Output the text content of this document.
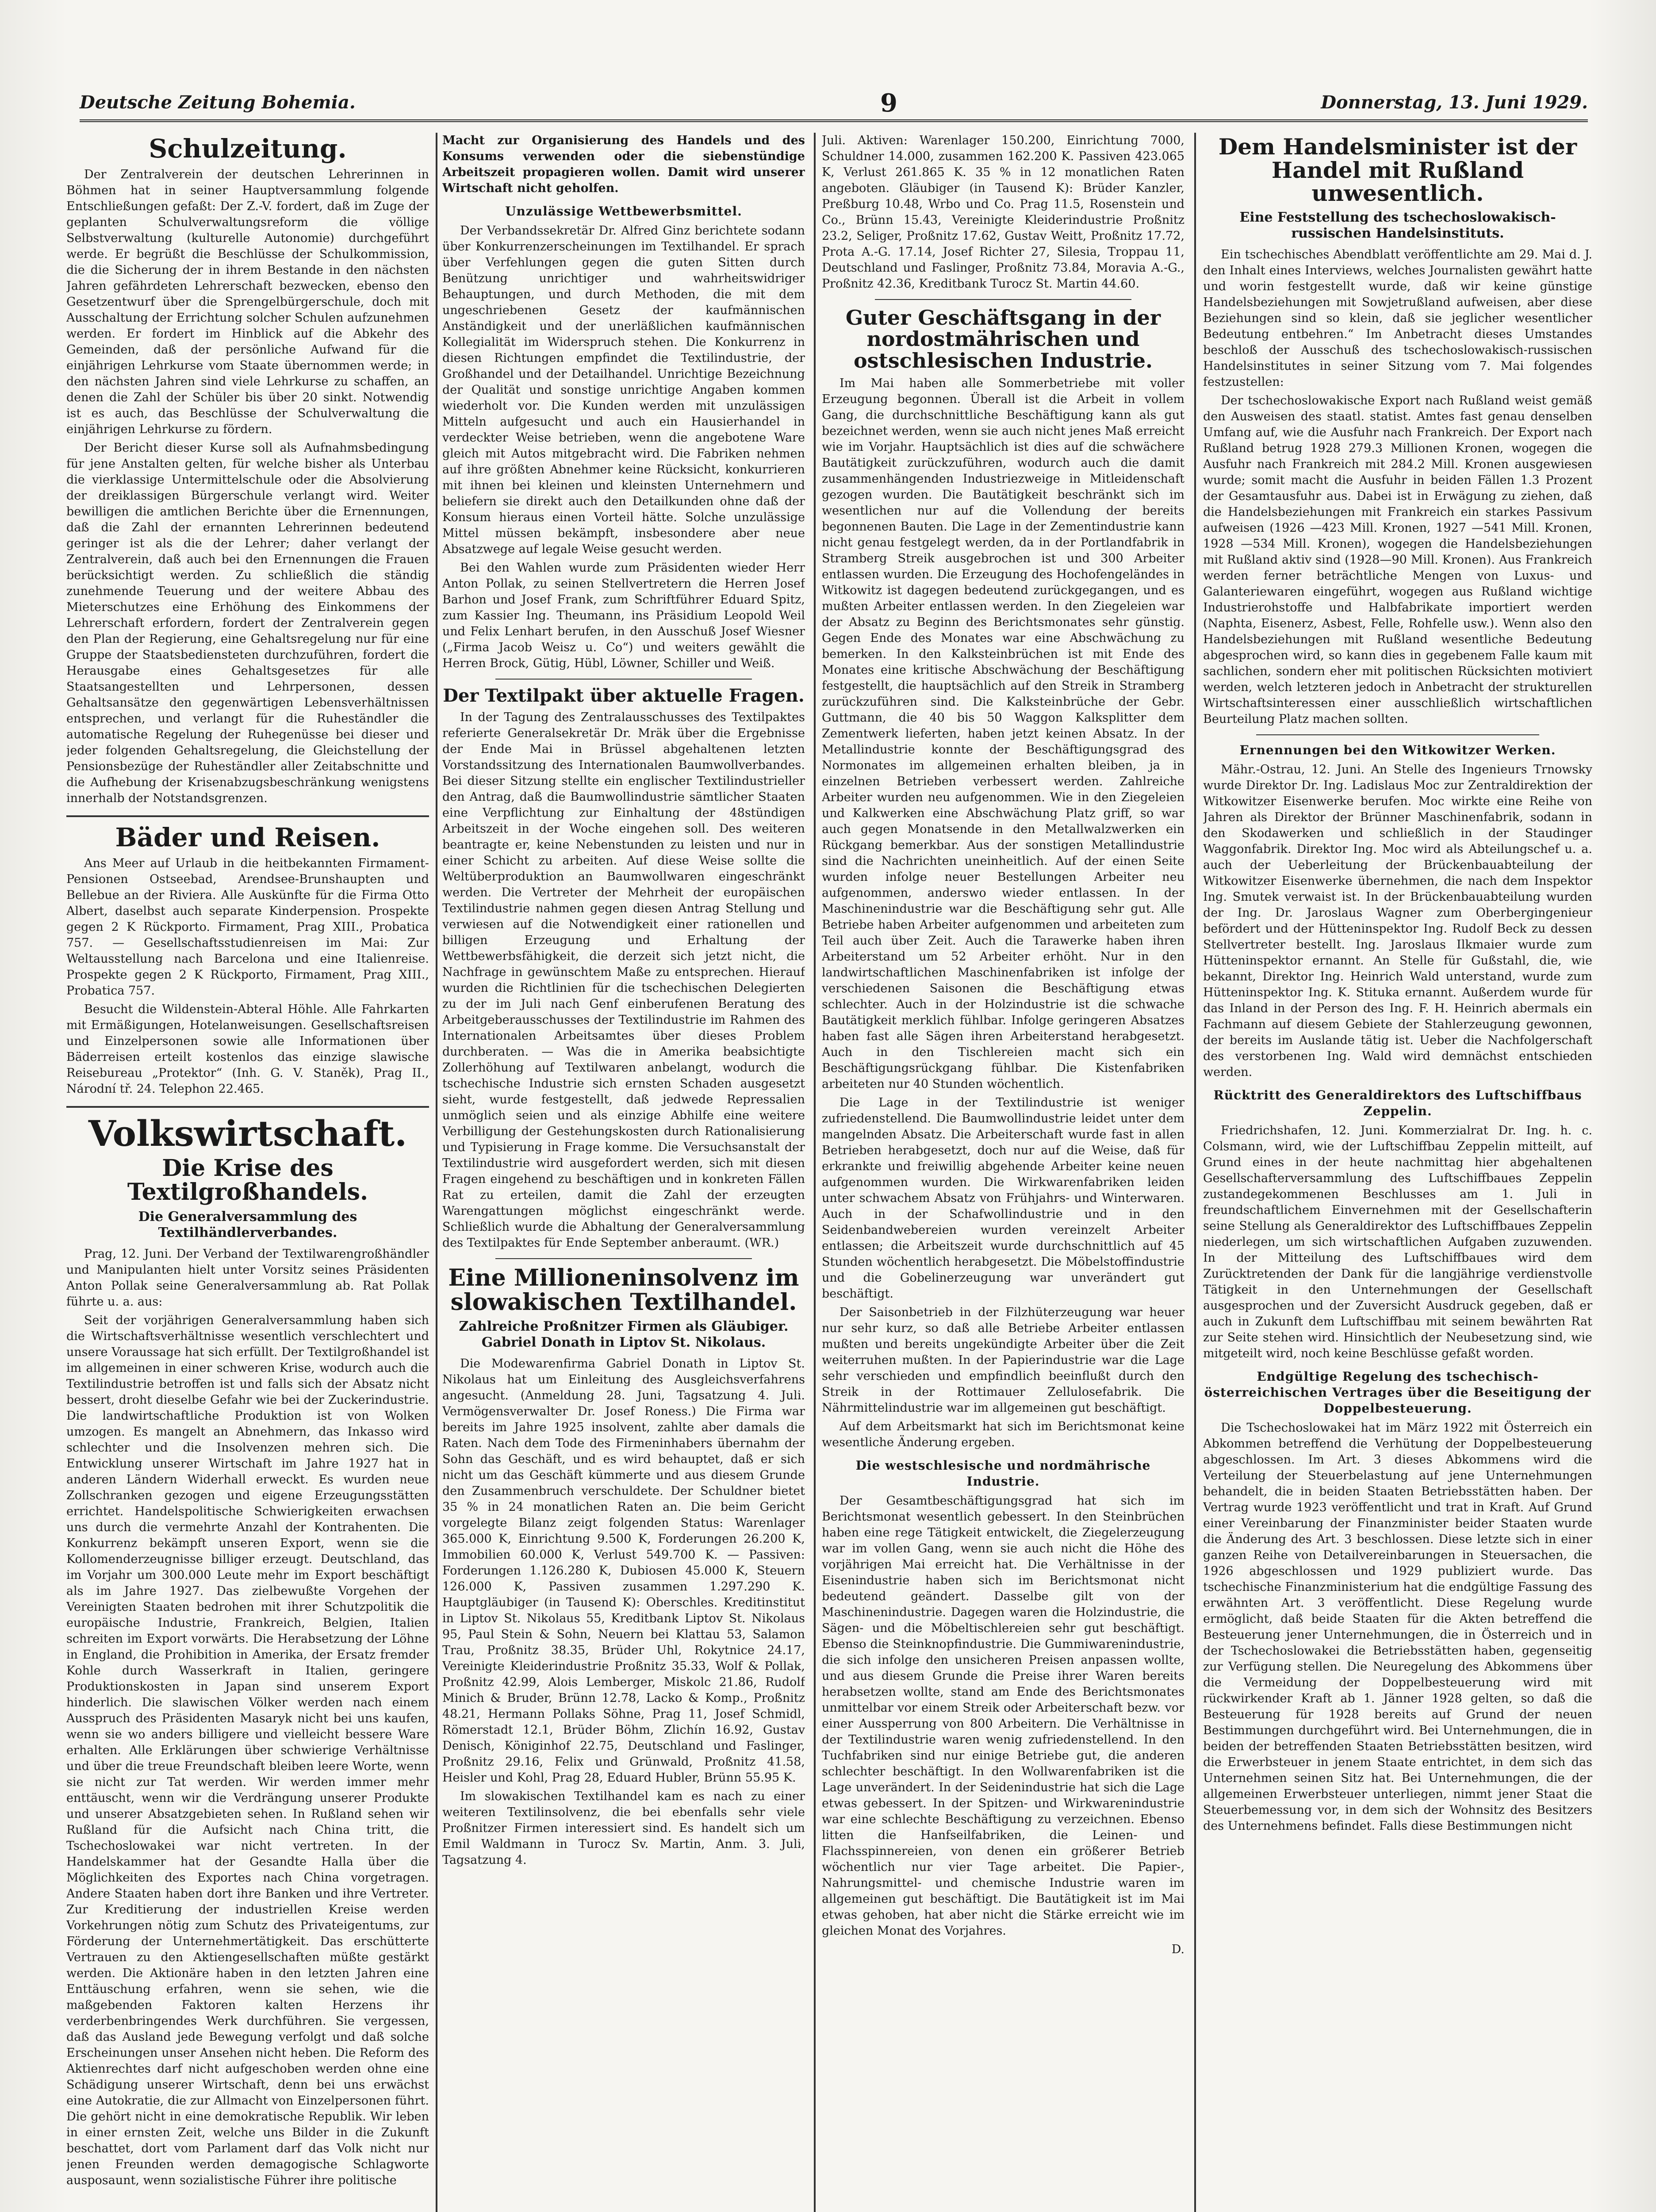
Deutsche Zeitung Bohemia.	9	Donnerstag, 13. Juni 1929.
Schulzeitung.

Der Zentralverein der deutschen Lehrerinnen in Böhmen hat in seiner Hauptversammlung folgende Entschließungen gefaßt: Der Z.-V. fordert, daß im Zuge der geplanten Schulverwaltungsreform die völlige Selbstverwaltung (kulturelle Autonomie) durchgeführt werde. Er begrüßt die Beschlüsse der Schulkommission, die die Sicherung der in ihrem Bestande in den nächsten Jahren gefährdeten Lehrerschaft bezwecken, ebenso den Gesetzentwurf über die Sprengelbürgerschule, doch mit Ausschaltung der Errichtung solcher Schulen aufzunehmen werden. Er fordert im Hinblick auf die Abkehr des Gemeinden, daß der persönliche Aufwand für die einjährigen Lehrkurse vom Staate übernommen werde; in den nächsten Jahren sind viele Lehrkurse zu schaffen, an denen die Zahl der Schüler bis über 20 sinkt. Notwendig ist es auch, das Beschlüsse der Schulverwaltung die einjährigen Lehrkurse zu fördern.

Der Bericht dieser Kurse soll als Aufnahmsbedingung für jene Anstalten gelten, für welche bisher als Unterbau die vierklassige Untermittelschule oder die Absolvierung der dreiklassigen Bürgerschule verlangt wird. Weiter bewilligen die amtlichen Berichte über die Ernennungen, daß die Zahl der ernannten Lehrerinnen bedeutend geringer ist als die der Lehrer; daher verlangt der Zentralverein, daß auch bei den Ernennungen die Frauen berücksichtigt werden. Zu schließlich die ständig zunehmende Teuerung und der weitere Abbau des Mieterschutzes eine Erhöhung des Einkommens der Lehrerschaft erfordern, fordert der Zentralverein gegen den Plan der Regierung, eine Gehaltsregelung nur für eine Gruppe der Staatsbediensteten durchzuführen, fordert die Herausgabe eines Gehaltsgesetzes für alle Staatsangestellten und Lehrpersonen, dessen Gehaltsansätze den gegenwärtigen Lebensverhältnissen entsprechen, und verlangt für die Ruheständler die automatische Regelung der Ruhegenüsse bei dieser und jeder folgenden Gehaltsregelung, die Gleichstellung der Pensionsbezüge der Ruheständler aller Zeitabschnitte und die Aufhebung der Krisenabzugsbeschränkung wenigstens innerhalb der Notstandsgrenzen.

Bäder und Reisen.

Ans Meer auf Urlaub in die heitbekannten Firmament-Pensionen Ostseebad, Arendsee-Brunshaupten und Bellebue an der Riviera. Alle Auskünfte für die Firma Otto Albert, daselbst auch separate Kinderpension. Prospekte gegen 2 K Rückporto. Firmament, Prag XIII., Probatica 757. — Gesellschaftsstudienreisen im Mai: Zur Weltausstellung nach Barcelona und eine Italienreise. Prospekte gegen 2 K Rückporto, Firmament, Prag XIII., Probatica 757.

Besucht die Wildenstein-Abteral Höhle. Alle Fahrkarten mit Ermäßigungen, Hotelanweisungen. Gesellschaftsreisen und Einzelpersonen sowie alle Informationen über Bäderreisen erteilt kostenlos das einzige slawische Reisebureau „Protektor“ (Inh. G. V. Staněk), Prag II., Národní tř. 24. Telephon 22.465.

Volkswirtschaft.
Die Krise des Textilgroßhandels.
Die Generalversammlung des Textilhändlerverbandes.

Prag, 12. Juni. Der Verband der Textilwarengroßhändler und Manipulanten hielt unter Vorsitz seines Präsidenten Anton Pollak seine Generalversammlung ab. Rat Pollak führte u. a. aus:

Seit der vorjährigen Generalversammlung haben sich die Wirtschaftsverhältnisse wesentlich verschlechtert und unsere Voraussage hat sich erfüllt. Der Textilgroßhandel ist im allgemeinen in einer schweren Krise, wodurch auch die Textilindustrie betroffen ist und falls sich der Absatz nicht bessert, droht dieselbe Gefahr wie bei der Zuckerindustrie. Die landwirtschaftliche Produktion ist von Wolken umzogen. Es mangelt an Abnehmern, das Inkasso wird schlechter und die Insolvenzen mehren sich. Die Entwicklung unserer Wirtschaft im Jahre 1927 hat in anderen Ländern Widerhall erweckt. Es wurden neue Zollschranken gezogen und eigene Erzeugungsstätten errichtet. Handelspolitische Schwierigkeiten erwachsen uns durch die vermehrte Anzahl der Kontrahenten. Die Konkurrenz bekämpft unseren Export, wenn sie die Kollomenderzeugnisse billiger erzeugt. Deutschland, das im Vorjahr um 300.000 Leute mehr im Export beschäftigt als im Jahre 1927. Das zielbewußte Vorgehen der Vereinigten Staaten bedrohen mit ihrer Schutzpolitik die europäische Industrie, Frankreich, Belgien, Italien schreiten im Export vorwärts. Die Herabsetzung der Löhne in England, die Prohibition in Amerika, der Ersatz fremder Kohle durch Wasserkraft in Italien, geringere Produktionskosten in Japan sind unserem Export hinderlich. Die slawischen Völker werden nach einem Ausspruch des Präsidenten Masaryk nicht bei uns kaufen, wenn sie wo anders billigere und vielleicht bessere Ware erhalten. Alle Erklärungen über schwierige Verhältnisse und über die treue Freundschaft bleiben leere Worte, wenn sie nicht zur Tat werden. Wir werden immer mehr enttäuscht, wenn wir die Verdrängung unserer Produkte und unserer Absatzgebieten sehen. In Rußland sehen wir Rußland für die Aufsicht nach China tritt, die Tschechoslowakei war nicht vertreten. In der Handelskammer hat der Gesandte Halla über die Möglichkeiten des Exportes nach China vorgetragen. Andere Staaten haben dort ihre Banken und ihre Vertreter. Zur Kreditierung der industriellen Kreise werden Vorkehrungen nötig zum Schutz des Privateigentums, zur Förderung der Unternehmertätigkeit. Das erschütterte Vertrauen zu den Aktiengesellschaften müßte gestärkt werden. Die Aktionäre haben in den letzten Jahren eine Enttäuschung erfahren, wenn sie sehen, wie die maßgebenden Faktoren kalten Herzens ihr verderbenbringendes Werk durchführen. Sie vergessen, daß das Ausland jede Bewegung verfolgt und daß solche Erscheinungen unser Ansehen nicht heben. Die Reform des Aktienrechtes darf nicht aufgeschoben werden ohne eine Schädigung unserer Wirtschaft, denn bei uns erwächst eine Autokratie, die zur Allmacht von Einzelpersonen führt. Die gehört nicht in eine demokratische Republik. Wir leben in einer ernsten Zeit, welche uns Bilder in die Zukunft beschattet, dort vom Parlament darf das Volk nicht nur jenen Freunden werden demagogische Schlagworte ausposaunt, wenn sozialistische Führer ihre politische

Macht zur Organisierung des Handels und des Konsums verwenden oder die siebenstündige Arbeitszeit propagieren wollen. Damit wird unserer Wirtschaft nicht geholfen.

Unzulässige Wettbewerbsmittel.

Der Verbandssekretär Dr. Alfred Ginz berichtete sodann über Konkurrenzerscheinungen im Textilhandel. Er sprach über Verfehlungen gegen die guten Sitten durch Benützung unrichtiger und wahrheitswidriger Behauptungen, und durch Methoden, die mit dem ungeschriebenen Gesetz der kaufmännischen Anständigkeit und der unerläßlichen kaufmännischen Kollegialität im Widerspruch stehen. Die Konkurrenz in diesen Richtungen empfindet die Textilindustrie, der Großhandel und der Detailhandel. Unrichtige Bezeichnung der Qualität und sonstige unrichtige Angaben kommen wiederholt vor. Die Kunden werden mit unzulässigen Mitteln aufgesucht und auch ein Hausierhandel in verdeckter Weise betrieben, wenn die angebotene Ware gleich mit Autos mitgebracht wird. Die Fabriken nehmen auf ihre größten Abnehmer keine Rücksicht, konkurrieren mit ihnen bei kleinen und kleinsten Unternehmern und beliefern sie direkt auch den Detailkunden ohne daß der Konsum hieraus einen Vorteil hätte. Solche unzulässige Mittel müssen bekämpft, insbesondere aber neue Absatzwege auf legale Weise gesucht werden.

Bei den Wahlen wurde zum Präsidenten wieder Herr Anton Pollak, zu seinen Stellvertretern die Herren Josef Barhon und Josef Frank, zum Schriftführer Eduard Spitz, zum Kassier Ing. Theumann, ins Präsidium Leopold Weil und Felix Lenhart berufen, in den Ausschuß Josef Wiesner („Firma Jacob Weisz u. Co“) und weiters gewählt die Herren Brock, Gütig, Hübl, Löwner, Schiller und Weiß.

Der Textilpakt über aktuelle Fragen.

In der Tagung des Zentralausschusses des Textilpaktes referierte Generalsekretär Dr. Mräk über die Ergebnisse der Ende Mai in Brüssel abgehaltenen letzten Vorstandssitzung des Internationalen Baumwollverbandes. Bei dieser Sitzung stellte ein englischer Textilindustrieller den Antrag, daß die Baumwollindustrie sämtlicher Staaten eine Verpflichtung zur Einhaltung der 48stündigen Arbeitszeit in der Woche eingehen soll. Des weiteren beantragte er, keine Nebenstunden zu leisten und nur in einer Schicht zu arbeiten. Auf diese Weise sollte die Weltüberproduktion an Baumwollwaren eingeschränkt werden. Die Vertreter der Mehrheit der europäischen Textilindustrie nahmen gegen diesen Antrag Stellung und verwiesen auf die Notwendigkeit einer rationellen und billigen Erzeugung und Erhaltung der Wettbewerbsfähigkeit, die derzeit sich jetzt nicht, die Nachfrage in gewünschtem Maße zu entsprechen. Hierauf wurden die Richtlinien für die tschechischen Delegierten zu der im Juli nach Genf einberufenen Beratung des Arbeitgeberausschusses der Textilindustrie im Rahmen des Internationalen Arbeitsamtes über dieses Problem durchberaten. — Was die in Amerika beabsichtigte Zollerhöhung auf Textilwaren anbelangt, wodurch die tschechische Industrie sich ernsten Schaden ausgesetzt sieht, wurde festgestellt, daß jedwede Repressalien unmöglich seien und als einzige Abhilfe eine weitere Verbilligung der Gestehungskosten durch Rationalisierung und Typisierung in Frage komme. Die Versuchsanstalt der Textilindustrie wird ausgefordert werden, sich mit diesen Fragen eingehend zu beschäftigen und in konkreten Fällen Rat zu erteilen, damit die Zahl der erzeugten Warengattungen möglichst eingeschränkt werde. Schließlich wurde die Abhaltung der Generalversammlung des Textilpaktes für Ende September anberaumt. (WR.)

Eine Millioneninsolvenz im slowakischen Textilhandel.
Zahlreiche Proßnitzer Firmen als Gläubiger. Gabriel Donath in Liptov St. Nikolaus.

Die Modewarenfirma Gabriel Donath in Liptov St. Nikolaus hat um Einleitung des Ausgleichsverfahrens angesucht. (Anmeldung 28. Juni, Tagsatzung 4. Juli. Vermögensverwalter Dr. Josef Roness.) Die Firma war bereits im Jahre 1925 insolvent, zahlte aber damals die Raten. Nach dem Tode des Firmeninhabers übernahm der Sohn das Geschäft, und es wird behauptet, daß er sich nicht um das Geschäft kümmerte und aus diesem Grunde den Zusammenbruch verschuldete. Der Schuldner bietet 35 % in 24 monatlichen Raten an. Die beim Gericht vorgelegte Bilanz zeigt folgenden Status: Warenlager 365.000 K, Einrichtung 9.500 K, Forderungen 26.200 K, Immobilien 60.000 K, Verlust 549.700 K. — Passiven: Forderungen 1.126.280 K, Dubiosen 45.000 K, Steuern 126.000 K, Passiven zusammen 1.297.290 K. Hauptgläubiger (in Tausend K): Oberschles. Kreditinstitut in Liptov St. Nikolaus 55, Kreditbank Liptov St. Nikolaus 95, Paul Stein & Sohn, Neuern bei Klattau 53, Salamon Trau, Proßnitz 38.35, Brüder Uhl, Rokytnice 24.17, Vereinigte Kleiderindustrie Proßnitz 35.33, Wolf & Pollak, Proßnitz 42.99, Alois Lemberger, Miskolc 21.86, Rudolf Minich & Bruder, Brünn 12.78, Lacko & Komp., Proßnitz 48.21, Hermann Pollaks Söhne, Prag 11, Josef Schmidl, Römerstadt 12.1, Brüder Böhm, Zlichín 16.92, Gustav Denisch, Königinhof 22.75, Deutschland und Faslinger, Proßnitz 29.16, Felix und Grünwald, Proßnitz 41.58, Heisler und Kohl, Prag 28, Eduard Hubler, Brünn 55.95 K.

Im slowakischen Textilhandel kam es nach zu einer weiteren Textilinsolvenz, die bei ebenfalls sehr viele Proßnitzer Firmen interessiert sind. Es handelt sich um Emil Waldmann in Turocz Sv. Martin, Anm. 3. Juli, Tagsatzung 4.

Juli. Aktiven: Warenlager 150.200, Einrichtung 7000, Schuldner 14.000, zusammen 162.200 K. Passiven 423.065 K, Verlust 261.865 K. 35 % in 12 monatlichen Raten angeboten. Gläubiger (in Tausend K): Brüder Kanzler, Preßburg 10.48, Wrbo und Co. Prag 11.5, Rosenstein und Co., Brünn 15.43, Vereinigte Kleiderindustrie Proßnitz 23.2, Seliger, Proßnitz 17.62, Gustav Weitt, Proßnitz 17.72, Prota A.-G. 17.14, Josef Richter 27, Silesia, Troppau 11, Deutschland und Faslinger, Proßnitz 73.84, Moravia A.-G., Proßnitz 42.36, Kreditbank Turocz St. Martin 44.60.

Guter Geschäftsgang in der nordostmährischen und ostschlesischen Industrie.

Im Mai haben alle Sommerbetriebe mit voller Erzeugung begonnen. Überall ist die Arbeit in vollem Gang, die durchschnittliche Beschäftigung kann als gut bezeichnet werden, wenn sie auch nicht jenes Maß erreicht wie im Vorjahr. Hauptsächlich ist dies auf die schwächere Bautätigkeit zurückzuführen, wodurch auch die damit zusammenhängenden Industriezweige in Mitleidenschaft gezogen wurden. Die Bautätigkeit beschränkt sich im wesentlichen nur auf die Vollendung der bereits begonnenen Bauten. Die Lage in der Zementindustrie kann nicht genau festgelegt werden, da in der Portlandfabrik in Stramberg Streik ausgebrochen ist und 300 Arbeiter entlassen wurden. Die Erzeugung des Hochofengeländes in Witkowitz ist dagegen bedeutend zurückgegangen, und es mußten Arbeiter entlassen werden. In den Ziegeleien war der Absatz zu Beginn des Berichtsmonates sehr günstig. Gegen Ende des Monates war eine Abschwächung zu bemerken. In den Kalksteinbrüchen ist mit Ende des Monates eine kritische Abschwächung der Beschäftigung festgestellt, die hauptsächlich auf den Streik in Stramberg zurückzuführen sind. Die Kalksteinbrüche der Gebr. Guttmann, die 40 bis 50 Waggon Kalksplitter dem Zementwerk lieferten, haben jetzt keinen Absatz. In der Metallindustrie konnte der Beschäftigungsgrad des Normonates im allgemeinen erhalten bleiben, ja in einzelnen Betrieben verbessert werden. Zahlreiche Arbeiter wurden neu aufgenommen. Wie in den Ziegeleien und Kalkwerken eine Abschwächung Platz griff, so war auch gegen Monatsende in den Metallwalzwerken ein Rückgang bemerkbar. Aus der sonstigen Metallindustrie sind die Nachrichten uneinheitlich. Auf der einen Seite wurden infolge neuer Bestellungen Arbeiter neu aufgenommen, anderswo wieder entlassen. In der Maschinenindustrie war die Beschäftigung sehr gut. Alle Betriebe haben Arbeiter aufgenommen und arbeiteten zum Teil auch über Zeit. Auch die Tarawerke haben ihren Arbeiterstand um 52 Arbeiter erhöht. Nur in den landwirtschaftlichen Maschinenfabriken ist infolge der verschiedenen Saisonen die Beschäftigung etwas schlechter. Auch in der Holzindustrie ist die schwache Bautätigkeit merklich fühlbar. Infolge geringeren Absatzes haben fast alle Sägen ihren Arbeiterstand herabgesetzt. Auch in den Tischlereien macht sich ein Beschäftigungsrückgang fühlbar. Die Kistenfabriken arbeiteten nur 40 Stunden wöchentlich.

Die Lage in der Textilindustrie ist weniger zufriedenstellend. Die Baumwollindustrie leidet unter dem mangelnden Absatz. Die Arbeiterschaft wurde fast in allen Betrieben herabgesetzt, doch nur auf die Weise, daß für erkrankte und freiwillig abgehende Arbeiter keine neuen aufgenommen wurden. Die Wirkwarenfabriken leiden unter schwachem Absatz von Frühjahrs- und Winterwaren. Auch in der Schafwollindustrie und in den Seidenbandwebereien wurden vereinzelt Arbeiter entlassen; die Arbeitszeit wurde durchschnittlich auf 45 Stunden wöchentlich herabgesetzt. Die Möbelstoffindustrie und die Gobelinerzeugung war unverändert gut beschäftigt.

Der Saisonbetrieb in der Filzhüterzeugung war heuer nur sehr kurz, so daß alle Betriebe Arbeiter entlassen mußten und bereits ungekündigte Arbeiter über die Zeit weiterruhen mußten. In der Papierindustrie war die Lage sehr verschieden und empfindlich beeinflußt durch den Streik in der Rottimauer Zellulosefabrik. Die Nährmittelindustrie war im allgemeinen gut beschäftigt.

Auf dem Arbeitsmarkt hat sich im Berichtsmonat keine wesentliche Änderung ergeben.

Die westschlesische und nordmährische Industrie.

Der Gesamtbeschäftigungsgrad hat sich im Berichtsmonat wesentlich gebessert. In den Steinbrüchen haben eine rege Tätigkeit entwickelt, die Ziegelerzeugung war im vollen Gang, wenn sie auch nicht die Höhe des vorjährigen Mai erreicht hat. Die Verhältnisse in der Eisenindustrie haben sich im Berichtsmonat nicht bedeutend geändert. Dasselbe gilt von der Maschinenindustrie. Dagegen waren die Holzindustrie, die Sägen- und die Möbeltischlereien sehr gut beschäftigt. Ebenso die Steinknopfindustrie. Die Gummiwarenindustrie, die sich infolge den unsicheren Preisen anpassen wollte, und aus diesem Grunde die Preise ihrer Waren bereits herabsetzen wollte, stand am Ende des Berichtsmonates unmittelbar vor einem Streik oder Arbeiterschaft bezw. vor einer Aussperrung von 800 Arbeitern. Die Verhältnisse in der Textilindustrie waren wenig zufriedenstellend. In den Tuchfabriken sind nur einige Betriebe gut, die anderen schlechter beschäftigt. In den Wollwarenfabriken ist die Lage unverändert. In der Seidenindustrie hat sich die Lage etwas gebessert. In der Spitzen- und Wirkwarenindustrie war eine schlechte Beschäftigung zu verzeichnen. Ebenso litten die Hanfseilfabriken, die Leinen- und Flachsspinnereien, von denen ein größerer Betrieb wöchentlich nur vier Tage arbeitet. Die Papier-, Nahrungsmittel- und chemische Industrie waren im allgemeinen gut beschäftigt. Die Bautätigkeit ist im Mai etwas gehoben, hat aber nicht die Stärke erreicht wie im gleichen Monat des Vorjahres.

D.

Dem Handelsminister ist der Handel mit Rußland unwesentlich.
Eine Feststellung des tschechoslowakisch-russischen Handelsinstituts.

Ein tschechisches Abendblatt veröffentlichte am 29. Mai d. J. den Inhalt eines Interviews, welches Journalisten gewährt hatte und worin festgestellt wurde, daß wir keine günstige Handelsbeziehungen mit Sowjetrußland aufweisen, aber diese Beziehungen sind so klein, daß sie jeglicher wesentlicher Bedeutung entbehren.“ Im Anbetracht dieses Umstandes beschloß der Ausschuß des tschechoslowakisch-russischen Handelsinstitutes in seiner Sitzung vom 7. Mai folgendes festzustellen:

Der tschechoslowakische Export nach Rußland weist gemäß den Ausweisen des staatl. statist. Amtes fast genau denselben Umfang auf, wie die Ausfuhr nach Frankreich. Der Export nach Rußland betrug 1928 279.3 Millionen Kronen, wogegen die Ausfuhr nach Frankreich mit 284.2 Mill. Kronen ausgewiesen wurde; somit macht die Ausfuhr in beiden Fällen 1.3 Prozent der Gesamtausfuhr aus. Dabei ist in Erwägung zu ziehen, daß die Handelsbeziehungen mit Frankreich ein starkes Passivum aufweisen (1926 —423 Mill. Kronen, 1927 —541 Mill. Kronen, 1928 —534 Mill. Kronen), wogegen die Handelsbeziehungen mit Rußland aktiv sind (1928—90 Mill. Kronen). Aus Frankreich werden ferner beträchtliche Mengen von Luxus- und Galanteriewaren eingeführt, wogegen aus Rußland wichtige Industrierohstoffe und Halbfabrikate importiert werden (Naphta, Eisenerz, Asbest, Felle, Rohfelle usw.). Wenn also den Handelsbeziehungen mit Rußland wesentliche Bedeutung abgesprochen wird, so kann dies in gegebenem Falle kaum mit sachlichen, sondern eher mit politischen Rücksichten motiviert werden, welch letzteren jedoch in Anbetracht der strukturellen Wirtschaftsinteressen einer ausschließlich wirtschaftlichen Beurteilung Platz machen sollten.

Ernennungen bei den Witkowitzer Werken.

Mähr.-Ostrau, 12. Juni. An Stelle des Ingenieurs Trnowsky wurde Direktor Dr. Ing. Ladislaus Moc zur Zentraldirektion der Witkowitzer Eisenwerke berufen. Moc wirkte eine Reihe von Jahren als Direktor der Brünner Maschinenfabrik, sodann in den Skodawerken und schließlich in der Staudinger Waggonfabrik. Direktor Ing. Moc wird als Abteilungschef u. a. auch der Ueberleitung der Brückenbauabteilung der Witkowitzer Eisenwerke übernehmen, die nach dem Inspektor Ing. Smutek verwaist ist. In der Brückenbauabteilung wurden der Ing. Dr. Jaroslaus Wagner zum Oberbergingenieur befördert und der Hütteninspektor Ing. Rudolf Beck zu dessen Stellvertreter bestellt. Ing. Jaroslaus Ilkmaier wurde zum Hütteninspektor ernannt. An Stelle für Gußstahl, die, wie bekannt, Direktor Ing. Heinrich Wald unterstand, wurde zum Hütteninspektor Ing. K. Stituka ernannt. Außerdem wurde für das Inland in der Person des Ing. F. H. Heinrich abermals ein Fachmann auf diesem Gebiete der Stahlerzeugung gewonnen, der bereits im Auslande tätig ist. Ueber die Nachfolgerschaft des verstorbenen Ing. Wald wird demnächst entschieden werden.

Rücktritt des Generaldirektors des Luftschiffbaus Zeppelin.

Friedrichshafen, 12. Juni. Kommerzialrat Dr. Ing. h. c. Colsmann, wird, wie der Luftschiffbau Zeppelin mitteilt, auf Grund eines in der heute nachmittag hier abgehaltenen Gesellschafterversammlung des Luftschiffbaues Zeppelin zustandegekommenen Beschlusses am 1. Juli in freundschaftlichem Einvernehmen mit der Gesellschafterin seine Stellung als Generaldirektor des Luftschiffbaues Zeppelin niederlegen, um sich wirtschaftlichen Aufgaben zuzuwenden. In der Mitteilung des Luftschiffbaues wird dem Zurücktretenden der Dank für die langjährige verdienstvolle Tätigkeit in den Unternehmungen der Gesellschaft ausgesprochen und der Zuversicht Ausdruck gegeben, daß er auch in Zukunft dem Luftschiffbau mit seinem bewährten Rat zur Seite stehen wird. Hinsichtlich der Neubesetzung sind, wie mitgeteilt wird, noch keine Beschlüsse gefaßt worden.

Endgültige Regelung des tschechisch-österreichischen Vertrages über die Beseitigung der Doppelbesteuerung.

Die Tschechoslowakei hat im März 1922 mit Österreich ein Abkommen betreffend die Verhütung der Doppelbesteuerung abgeschlossen. Im Art. 3 dieses Abkommens wird die Verteilung der Steuerbelastung auf jene Unternehmungen behandelt, die in beiden Staaten Betriebsstätten haben. Der Vertrag wurde 1923 veröffentlicht und trat in Kraft. Auf Grund einer Vereinbarung der Finanzminister beider Staaten wurde die Änderung des Art. 3 beschlossen. Diese letzte sich in einer ganzen Reihe von Detailvereinbarungen in Steuersachen, die 1926 abgeschlossen und 1929 publiziert wurde. Das tschechische Finanzministerium hat die endgültige Fassung des erwähnten Art. 3 veröffentlicht. Diese Regelung wurde ermöglicht, daß beide Staaten für die Akten betreffend die Besteuerung jener Unternehmungen, die in Österreich und in der Tschechoslowakei die Betriebsstätten haben, gegenseitig zur Verfügung stellen. Die Neuregelung des Abkommens über die Vermeidung der Doppelbesteuerung wird mit rückwirkender Kraft ab 1. Jänner 1928 gelten, so daß die Besteuerung für 1928 bereits auf Grund der neuen Bestimmungen durchgeführt wird. Bei Unternehmungen, die in beiden der betreffenden Staaten Betriebsstätten besitzen, wird die Erwerbsteuer in jenem Staate entrichtet, in dem sich das Unternehmen seinen Sitz hat. Bei Unternehmungen, die der allgemeinen Erwerbsteuer unterliegen, nimmt jener Staat die Steuerbemessung vor, in dem sich der Wohnsitz des Besitzers des Unternehmens befindet. Falls diese Bestimmungen nicht
